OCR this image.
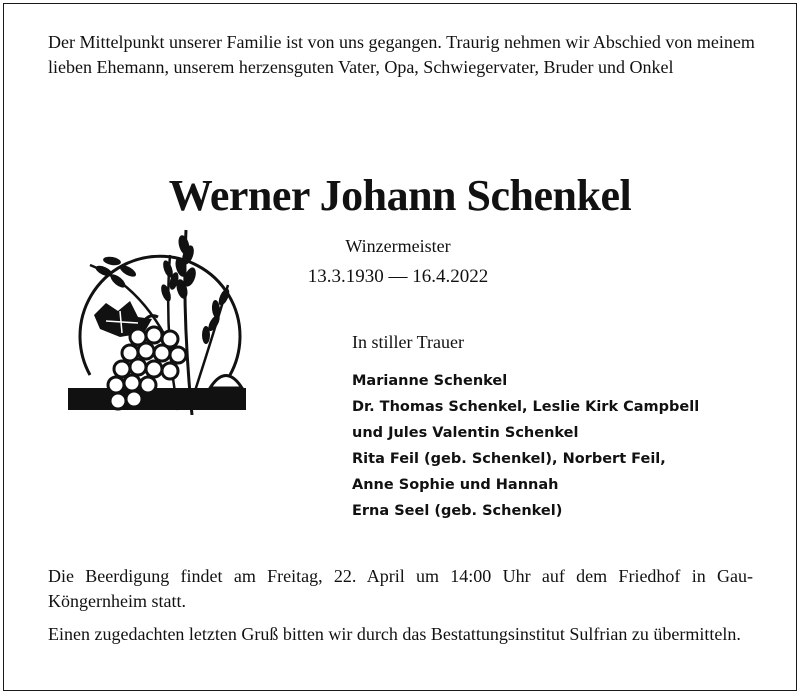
Der Mittelpunkt unserer Familie ist von uns gegangen. Traurig nehmen wir Abschied von meinem lieben Ehemann, unserem herzensguten Vater, Opa, Schwiegervater, Bruder und Onkel

Werner Johann Schenkel

Winzermeister

13.3.1930 — 16.4.2022

In stiller Trauer

Marianne Schenkel
Dr. Thomas Schenkel, Leslie Kirk Campbell
und Jules Valentin Schenkel
Rita Feil (geb. Schenkel), Norbert Feil,
Anne Sophie und Hannah
Erna Seel (geb. Schenkel)

Die Beerdigung findet am Freitag, 22. April um 14:00 Uhr auf dem Friedhof in Gau-Köngernheim statt.

Einen zugedachten letzten Gruß bitten wir durch das Bestattungsinstitut Sulfrian zu übermitteln.
